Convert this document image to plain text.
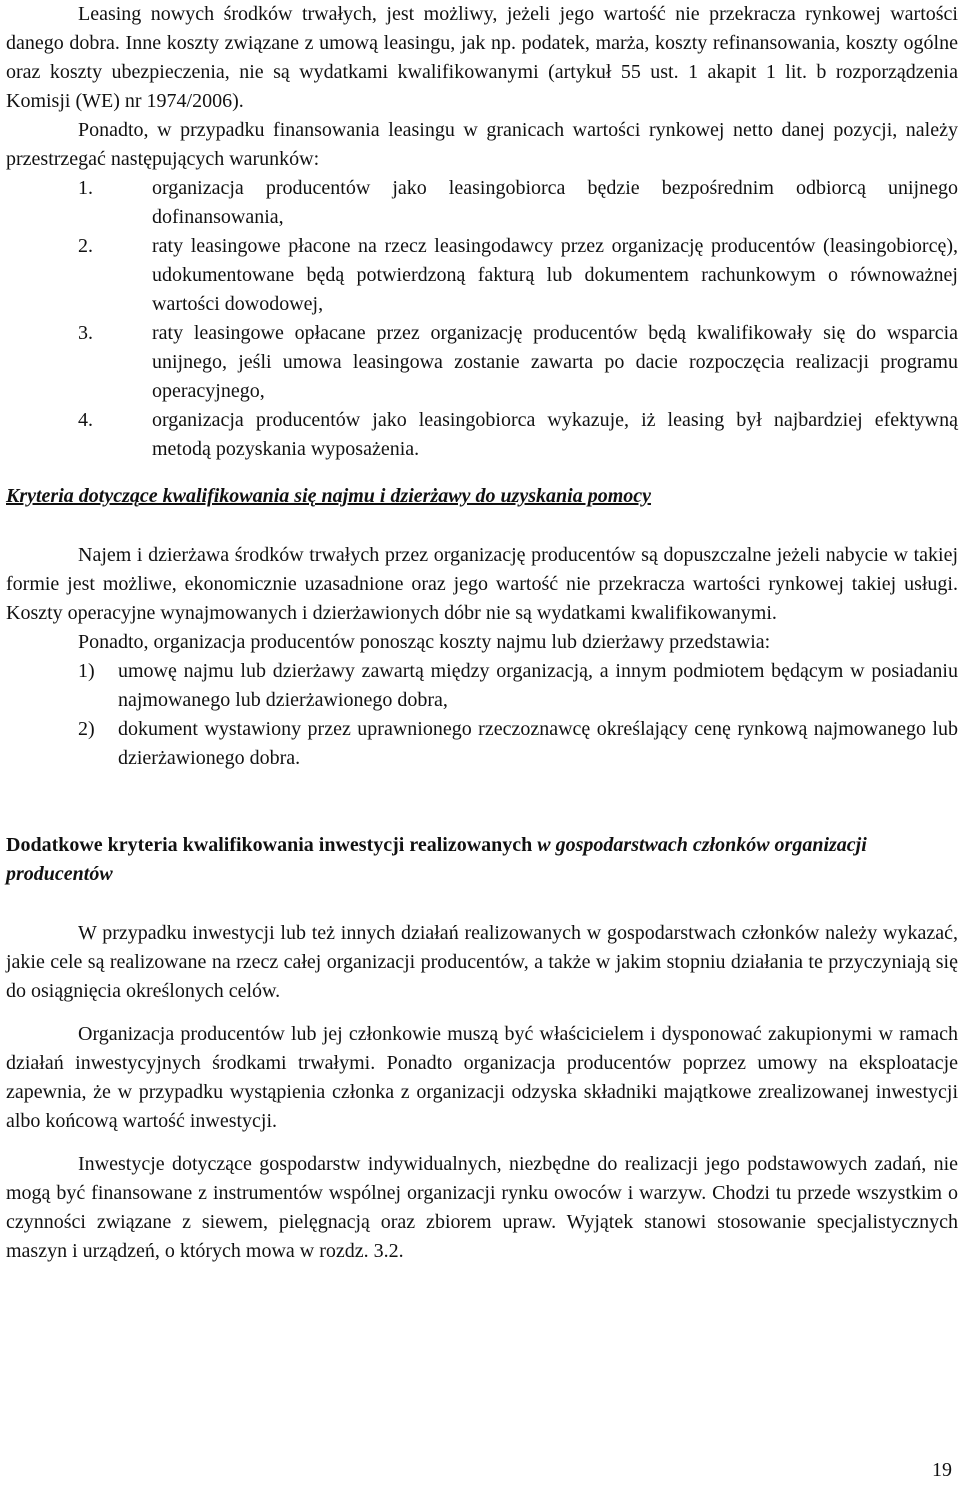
Leasing nowych środków trwałych, jest możliwy, jeżeli jego wartość nie przekracza rynkowej wartości danego dobra. Inne koszty związane z umową leasingu, jak np. podatek, marża, koszty refinansowania, koszty ogólne oraz koszty ubezpieczenia, nie są wydatkami kwalifikowanymi (artykuł 55 ust. 1 akapit 1 lit. b rozporządzenia Komisji (WE) nr 1974/2006).

Ponadto, w przypadku finansowania leasingu w granicach wartości rynkowej netto danej pozycji, należy przestrzegać następujących warunków:

1.	organizacja producentów jako leasingobiorca będzie bezpośrednim odbiorcą unijnego dofinansowania,
2.	raty leasingowe płacone na rzecz leasingodawcy przez organizację producentów (leasingobiorcę), udokumentowane będą potwierdzoną fakturą lub dokumentem rachunkowym o równoważnej wartości dowodowej,
3.	raty leasingowe opłacane przez organizację producentów będą kwalifikowały się do wsparcia unijnego, jeśli umowa leasingowa zostanie zawarta po dacie rozpoczęcia realizacji programu operacyjnego,
4.	organizacja producentów jako leasingobiorca wykazuje, iż leasing był najbardziej efektywną metodą pozyskania wyposażenia.
Kryteria dotyczące kwalifikowania się najmu i dzierżawy do uzyskania pomocy

Najem i dzierżawa środków trwałych przez organizację producentów są dopuszczalne jeżeli nabycie w takiej formie jest możliwe, ekonomicznie uzasadnione oraz jego wartość nie przekracza wartości rynkowej takiej usługi. Koszty operacyjne wynajmowanych i dzierżawionych dóbr nie są wydatkami kwalifikowanymi.

Ponadto, organizacja producentów ponosząc koszty najmu lub dzierżawy przedstawia:

1)	umowę najmu lub dzierżawy zawartą między organizacją, a innym podmiotem będącym w posiadaniu najmowanego lub dzierżawionego dobra,
2)	dokument wystawiony przez uprawnionego rzeczoznawcę określający cenę rynkową najmowanego lub dzierżawionego dobra.
Dodatkowe kryteria kwalifikowania inwestycji realizowanych w gospodarstwach członków organizacji producentów

W przypadku inwestycji lub też innych działań realizowanych w gospodarstwach członków należy wykazać, jakie cele są realizowane na rzecz całej organizacji producentów, a także w jakim stopniu działania te przyczyniają się do osiągnięcia określonych celów.

Organizacja producentów lub jej członkowie muszą być właścicielem i dysponować zakupionymi w ramach działań inwestycyjnych środkami trwałymi. Ponadto organizacja producentów poprzez umowy na eksploatacje zapewnia, że w przypadku wystąpienia członka z organizacji odzyska składniki majątkowe zrealizowanej inwestycji albo końcową wartość inwestycji.

Inwestycje dotyczące gospodarstw indywidualnych, niezbędne do realizacji jego podstawowych zadań, nie mogą być finansowane z instrumentów wspólnej organizacji rynku owoców i warzyw. Chodzi tu przede wszystkim o czynności związane z siewem, pielęgnacją oraz zbiorem upraw. Wyjątek stanowi stosowanie specjalistycznych maszyn i urządzeń, o których mowa w rozdz. 3.2.

19
